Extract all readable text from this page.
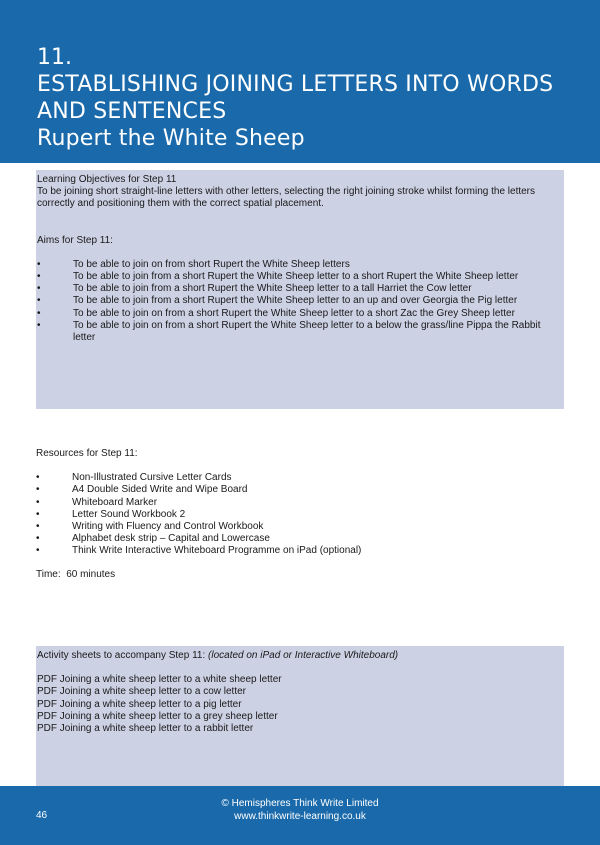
11.
ESTABLISHING JOINING LETTERS INTO WORDS
AND SENTENCES
Rupert the White Sheep
Learning Objectives for Step 11

To be joining short straight-line letters with other letters, selecting the right joining stroke whilst forming the letters correctly and positioning them with the correct spatial placement.

Aims for Step 11:
•	To be able to join on from short Rupert the White Sheep letters
•	To be able to join from a short Rupert the White Sheep letter to a short Rupert the White Sheep letter
•	To be able to join from a short Rupert the White Sheep letter to a tall Harriet the Cow letter
•	To be able to join from a short Rupert the White Sheep letter to an up and over Georgia the Pig letter
•	To be able to join on from a short Rupert the White Sheep letter to a short Zac the Grey Sheep letter
•	To be able to join on from a short Rupert the White Sheep letter to a below the grass/line Pippa the Rabbit letter
Resources for Step 11:
•	Non-Illustrated Cursive Letter Cards
•	A4 Double Sided Write and Wipe Board
•	Whiteboard Marker
•	Letter Sound Workbook 2
•	Writing with Fluency and Control Workbook
•	Alphabet desk strip – Capital and Lowercase
•	Think Write Interactive Whiteboard Programme on iPad (optional)
Time: 60 minutes
Activity sheets to accompany Step 11: (located on iPad or Interactive Whiteboard)
PDF Joining a white sheep letter to a white sheep letter
PDF Joining a white sheep letter to a cow letter
PDF Joining a white sheep letter to a pig letter
PDF Joining a white sheep letter to a grey sheep letter
PDF Joining a white sheep letter to a rabbit letter
46
© Hemispheres Think Write Limited
www.thinkwrite-learning.co.uk
